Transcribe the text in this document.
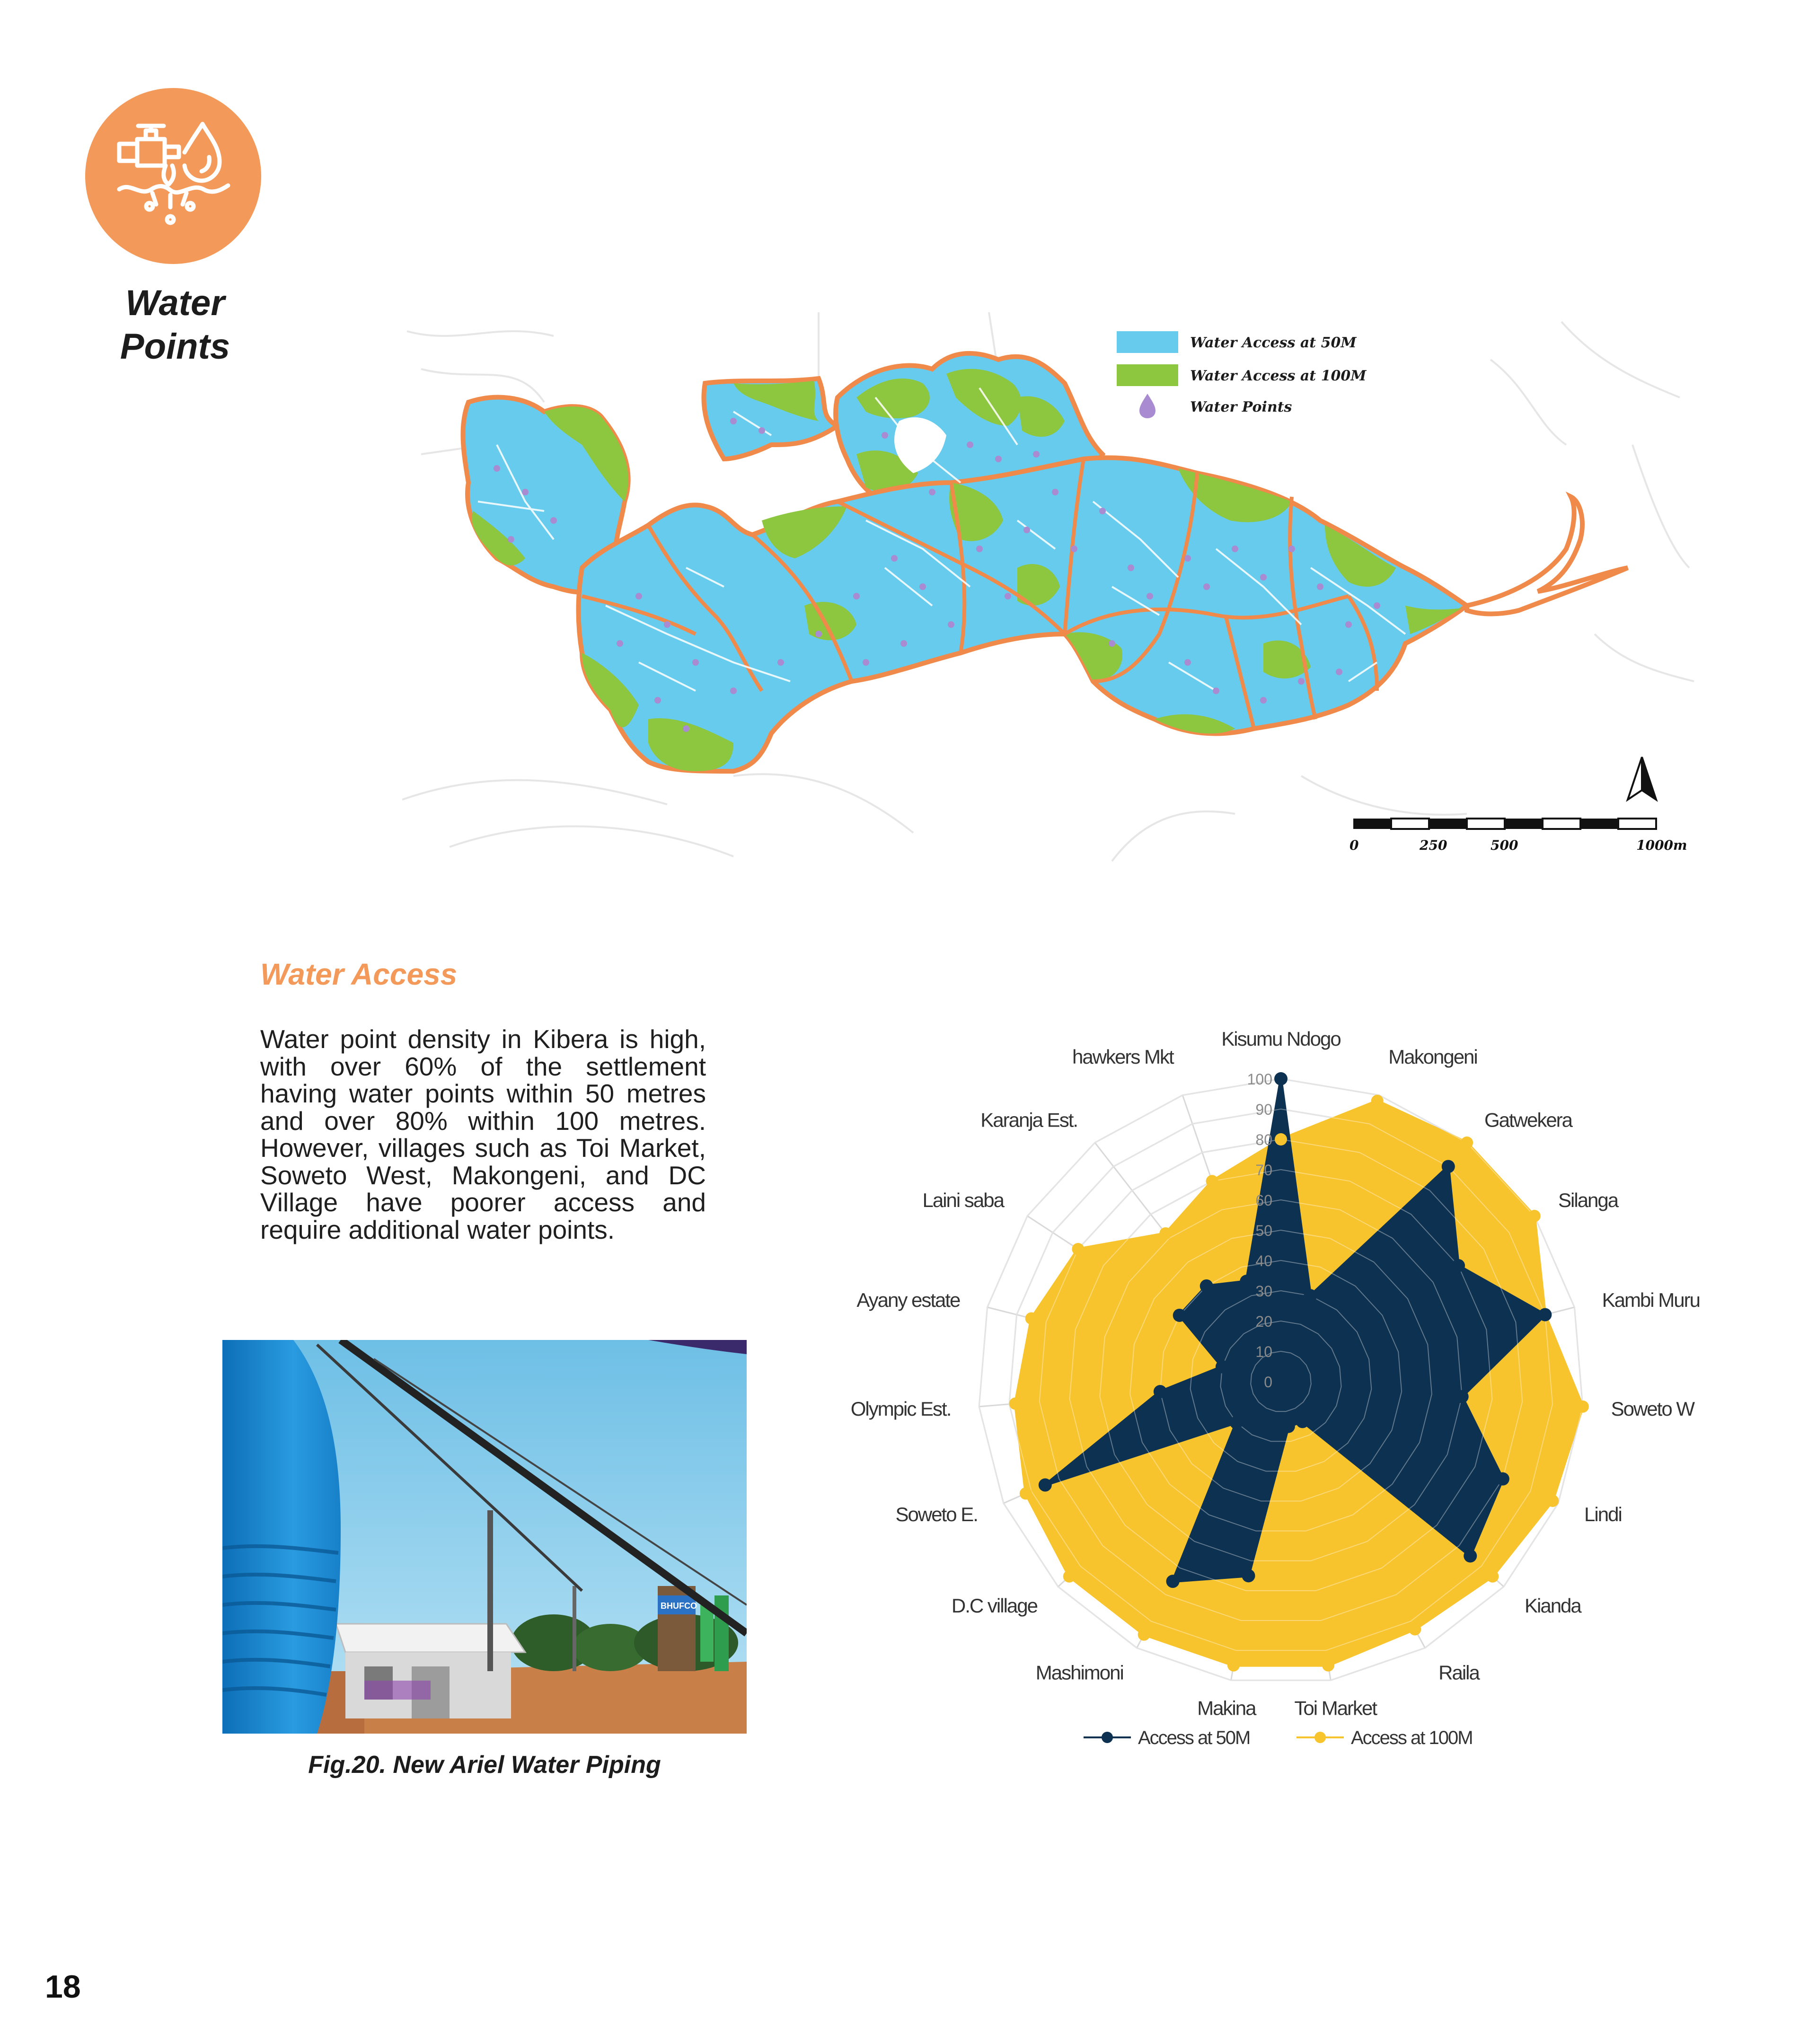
Water
Points	Water Access at 50M
Water Access at 100M
Water Points
0	250	500	1000m
Water Access
Water point density in Kibera is high, with over 60% of the settlement having water points within 50 metres and over 80% within 100 metres. However, villages such as Toi Market, Soweto West, Makongeni, and DC Village have poorer access and require additional water points.
BHUFCO
Fig.20. New Ariel Water Piping
0
10
20
30
40
50
60
70
80
90
100
Kisumu Ndogo
Makongeni
Gatwekera
Silanga
Kambi Muru
Soweto W
Lindi
Kianda
Raila
Toi Market
Makina
Mashimoni
D.C village
Soweto E.
Olympic Est.
Ayany estate
Laini saba
Karanja Est.
hawkers Mkt
Access at 50M	Access at 100M
18
